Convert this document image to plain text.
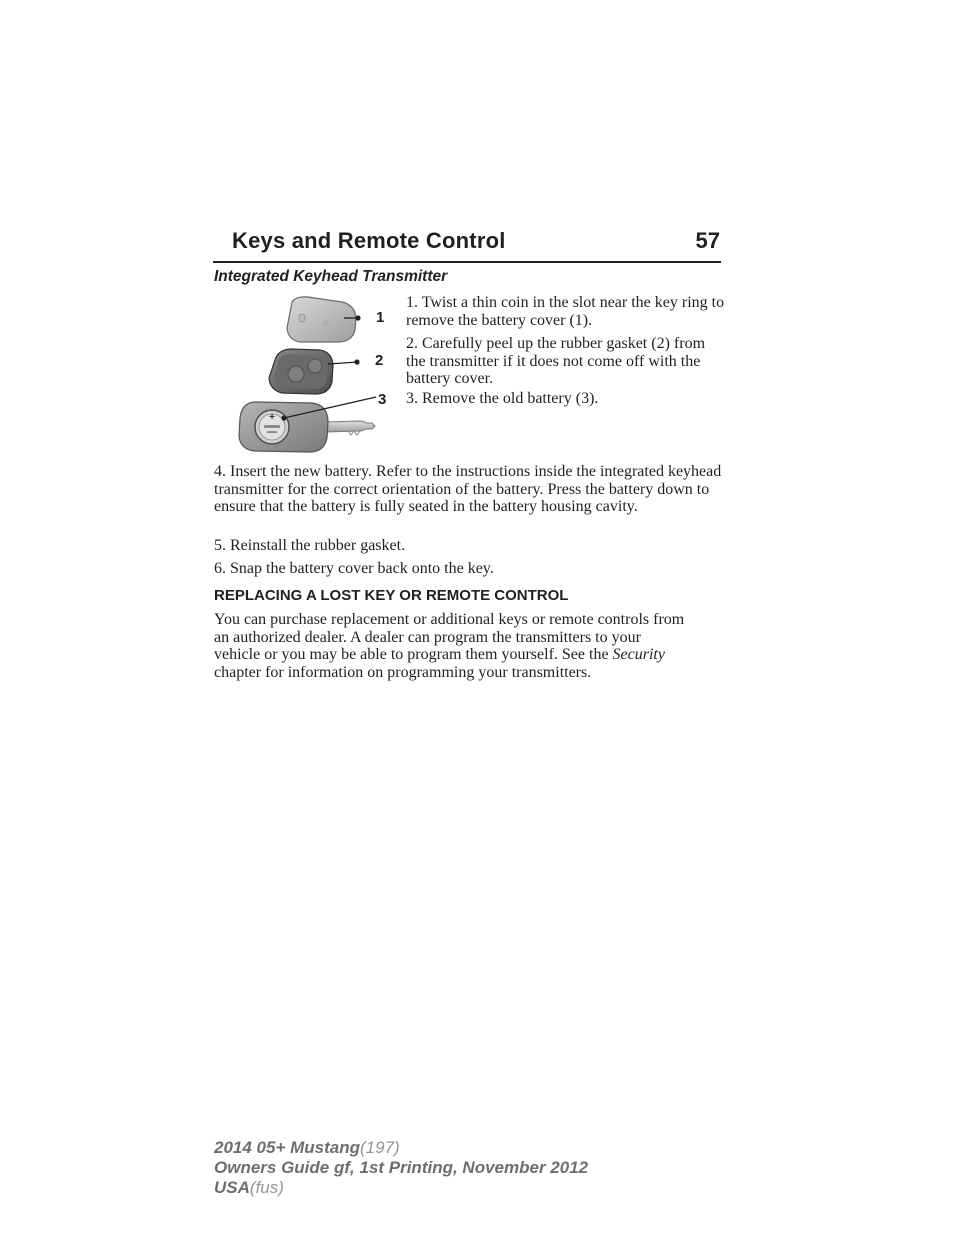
Keys and Remote Control	57
Integrated Keyhead Transmitter
+
1
2
3

1. Twist a thin coin in the slot near the key ring to remove the battery cover (1).

2. Carefully peel up the rubber gasket (2) from the transmitter if it does not come off with the battery cover.

3. Remove the old battery (3).

4. Insert the new battery. Refer to the instructions inside the integrated keyhead transmitter for the correct orientation of the battery. Press the battery down to ensure that the battery is fully seated in the battery housing cavity.

5. Reinstall the rubber gasket.

6. Snap the battery cover back onto the key.

REPLACING A LOST KEY OR REMOTE CONTROL

You can purchase replacement or additional keys or remote controls from
an authorized dealer. A dealer can program the transmitters to your
vehicle or you may be able to program them yourself. See the Security
chapter for information on programming your transmitters.

2014 05+ Mustang(197)
Owners Guide gf, 1st Printing, November 2012
USA(fus)
